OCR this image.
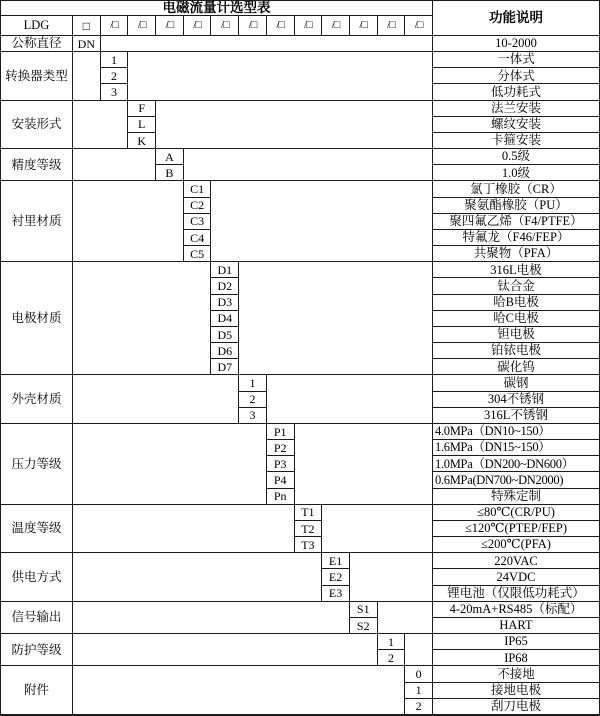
电磁流量计选型表
功能说明
LDG	□	/□	/□	/□	/□	/□	/□	/□	/□	/□	/□	/□	/□
公称直径	DN	10-2000
转换器类型
1	一体式
2	分体式
3	低功耗式
安装形式
F	法兰安装
L	螺纹安装
K	卡箍安装
精度等级
A	0.5级
B	1.0级
衬里材质
C1	氯丁橡胶（CR）
C2	聚氨酯橡胶（PU）
C3	聚四氟乙烯（F4/PTFE）
C4	特氟龙（F46/FEP）
C5	共聚物（PFA）
电极材质
D1	316L电极
D2	钛合金
D3	哈B电极
D4	哈C电极
D5	钽电极
D6	铂铱电极
D7	碳化钨
外壳材质
1	碳钢
2	304不锈钢
3	316L不锈钢
压力等级
P1	4.0MPa（DN10~150）
P2	1.6MPa（DN15~150）
P3	1.0MPa（DN200~DN600）
P4	0.6MPa(DN700~DN2000)
Pn	特殊定制
温度等级
T1	≤80℃(CR/PU)
T2	≤120℃(PTEP/FEP)
T3	≤200℃(PFA)
供电方式
E1	220VAC
E2	24VDC
E3	锂电池（仅限低功耗式）
信号输出
S1	4-20mA+RS485（标配）
S2	HART
防护等级
1	IP65
2	IP68
附件
0	不接地
1	接地电极
2	刮刀电极
